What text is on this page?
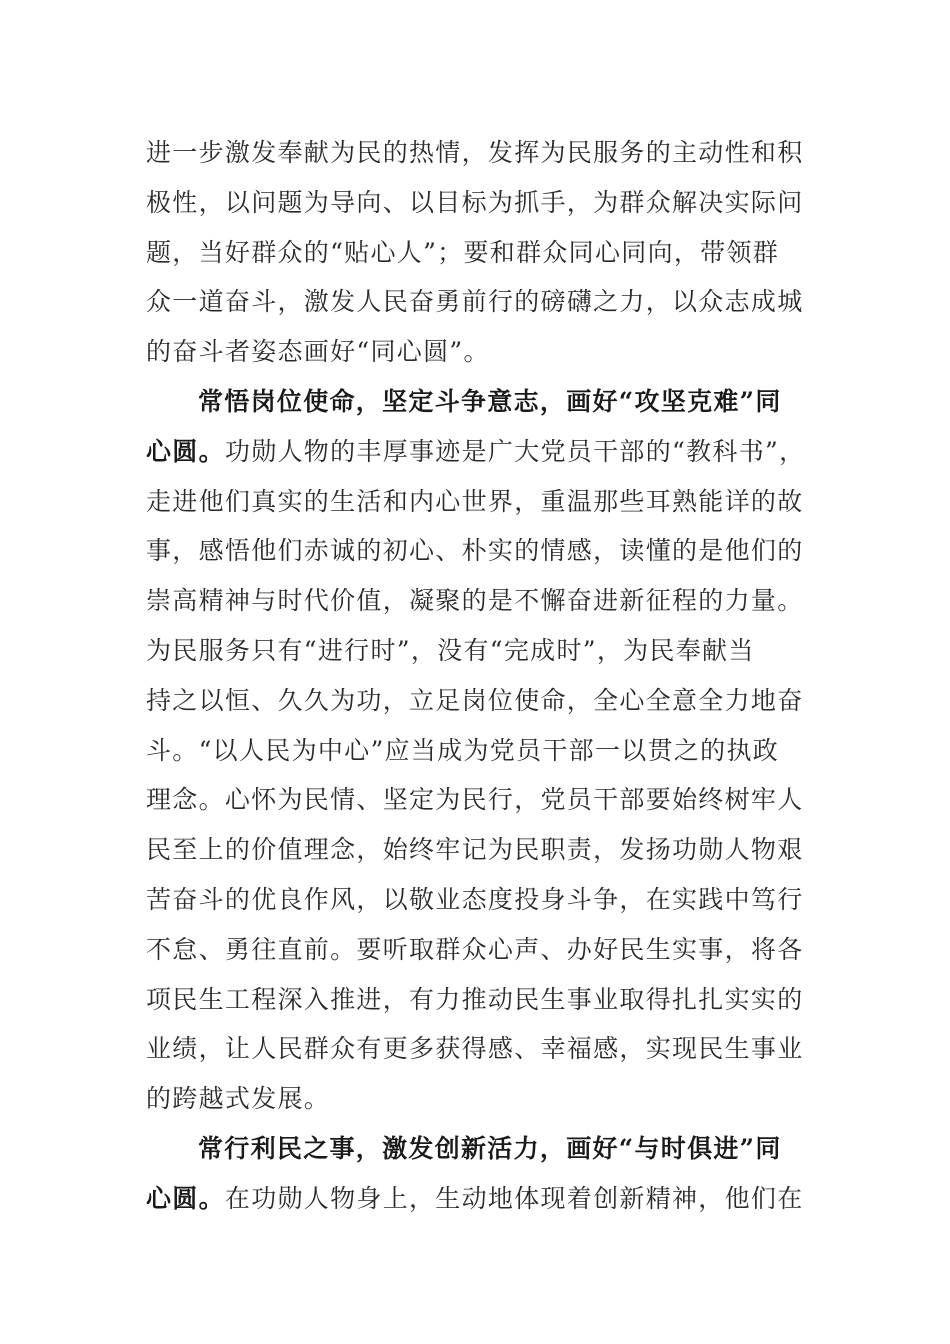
进一步激发奉献为民的热情，发挥为民服务的主动性和积
极性，以问题为导向、以目标为抓手，为群众解决实际问
题，当好群众的“贴心人”；要和群众同心同向，带领群
众一道奋斗，激发人民奋勇前行的磅礴之力，以众志成城
的奋斗者姿态画好“同心圆”。
常悟岗位使命，坚定斗争意志，画好“攻坚克难”同
心圆。功勋人物的丰厚事迹是广大党员干部的“教科书”，
走进他们真实的生活和内心世界，重温那些耳熟能详的故
事，感悟他们赤诚的初心、朴实的情感，读懂的是他们的
崇高精神与时代价值，凝聚的是不懈奋进新征程的力量。
为民服务只有“进行时”，没有“完成时”，为民奉献当
持之以恒、久久为功，立足岗位使命，全心全意全力地奋
斗。“以人民为中心”应当成为党员干部一以贯之的执政
理念。心怀为民情、坚定为民行，党员干部要始终树牢人
民至上的价值理念，始终牢记为民职责，发扬功勋人物艰
苦奋斗的优良作风，以敬业态度投身斗争，在实践中笃行
不怠、勇往直前。要听取群众心声、办好民生实事，将各
项民生工程深入推进，有力推动民生事业取得扎扎实实的
业绩，让人民群众有更多获得感、幸福感，实现民生事业
的跨越式发展。
常行利民之事，激发创新活力，画好“与时俱进”同
心圆。在功勋人物身上，生动地体现着创新精神，他们在
